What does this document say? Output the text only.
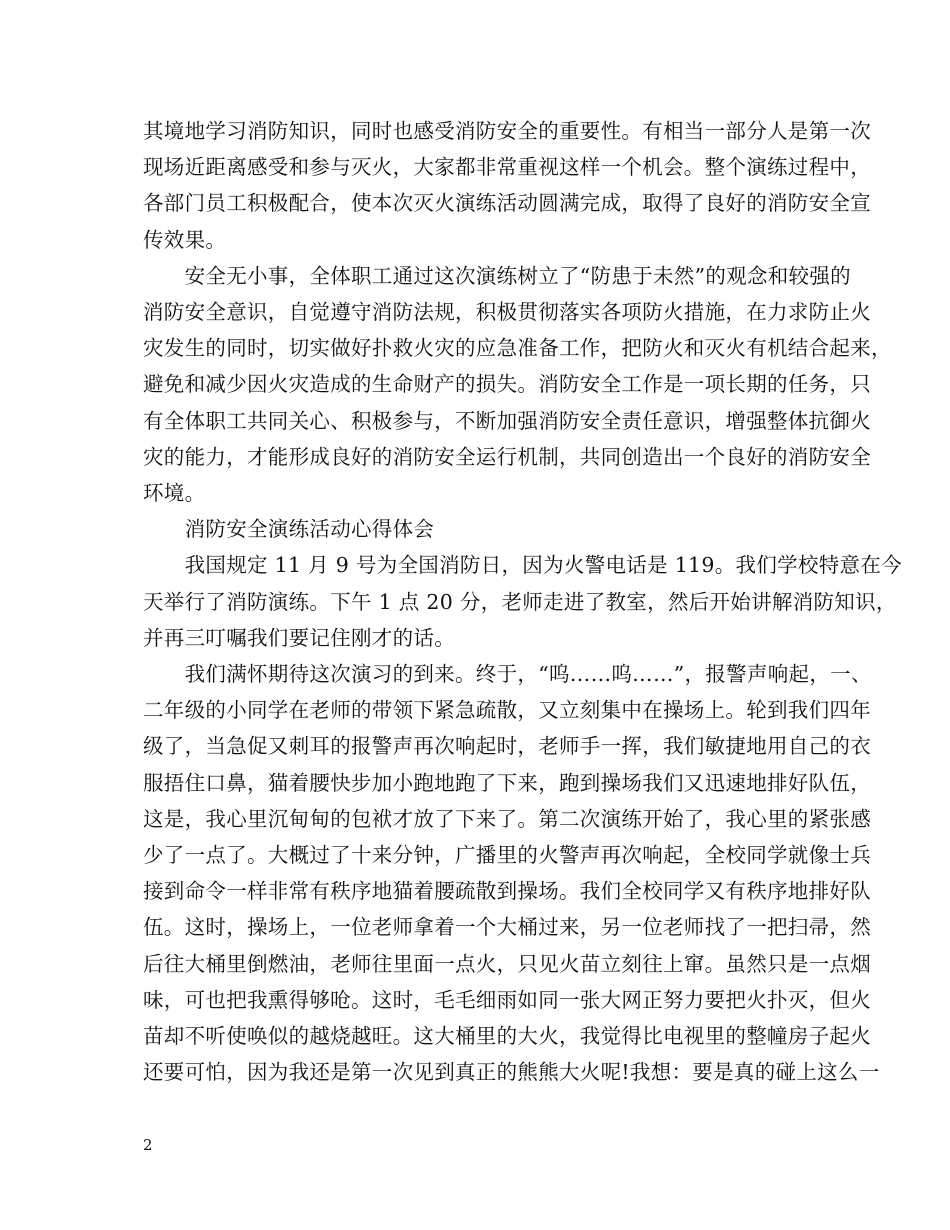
其境地学习消防知识，同时也感受消防安全的重要性。有相当一部分人是第一次
现场近距离感受和参与灭火，大家都非常重视这样一个机会。整个演练过程中，
各部门员工积极配合，使本次灭火演练活动圆满完成，取得了良好的消防安全宣
传效果。
　　安全无小事，全体职工通过这次演练树立了“防患于未然”的观念和较强的
消防安全意识，自觉遵守消防法规，积极贯彻落实各项防火措施，在力求防止火
灾发生的同时，切实做好扑救火灾的应急准备工作，把防火和灭火有机结合起来，
避免和减少因火灾造成的生命财产的损失。消防安全工作是一项长期的任务，只
有全体职工共同关心、积极参与，不断加强消防安全责任意识，增强整体抗御火
灾的能力，才能形成良好的消防安全运行机制，共同创造出一个良好的消防安全
环境。
　　消防安全演练活动心得体会
　　我国规定 11 月 9 号为全国消防日，因为火警电话是 119。我们学校特意在今
天举行了消防演练。下午 1 点 20 分，老师走进了教室，然后开始讲解消防知识，
并再三叮嘱我们要记住刚才的话。
　　我们满怀期待这次演习的到来。终于，“呜……呜……”，报警声响起，一、
二年级的小同学在老师的带领下紧急疏散，又立刻集中在操场上。轮到我们四年
级了，当急促又刺耳的报警声再次响起时，老师手一挥，我们敏捷地用自己的衣
服捂住口鼻，猫着腰快步加小跑地跑了下来，跑到操场我们又迅速地排好队伍，
这是，我心里沉甸甸的包袱才放了下来了。第二次演练开始了，我心里的紧张感
少了一点了。大概过了十来分钟，广播里的火警声再次响起，全校同学就像士兵
接到命令一样非常有秩序地猫着腰疏散到操场。我们全校同学又有秩序地排好队
伍。这时，操场上，一位老师拿着一个大桶过来，另一位老师找了一把扫帚，然
后往大桶里倒燃油，老师往里面一点火，只见火苗立刻往上窜。虽然只是一点烟
味，可也把我熏得够呛。这时，毛毛细雨如同一张大网正努力要把火扑灭，但火
苗却不听使唤似的越烧越旺。这大桶里的大火，我觉得比电视里的整幢房子起火
还要可怕，因为我还是第一次见到真正的熊熊大火呢!我想：要是真的碰上这么一
2
